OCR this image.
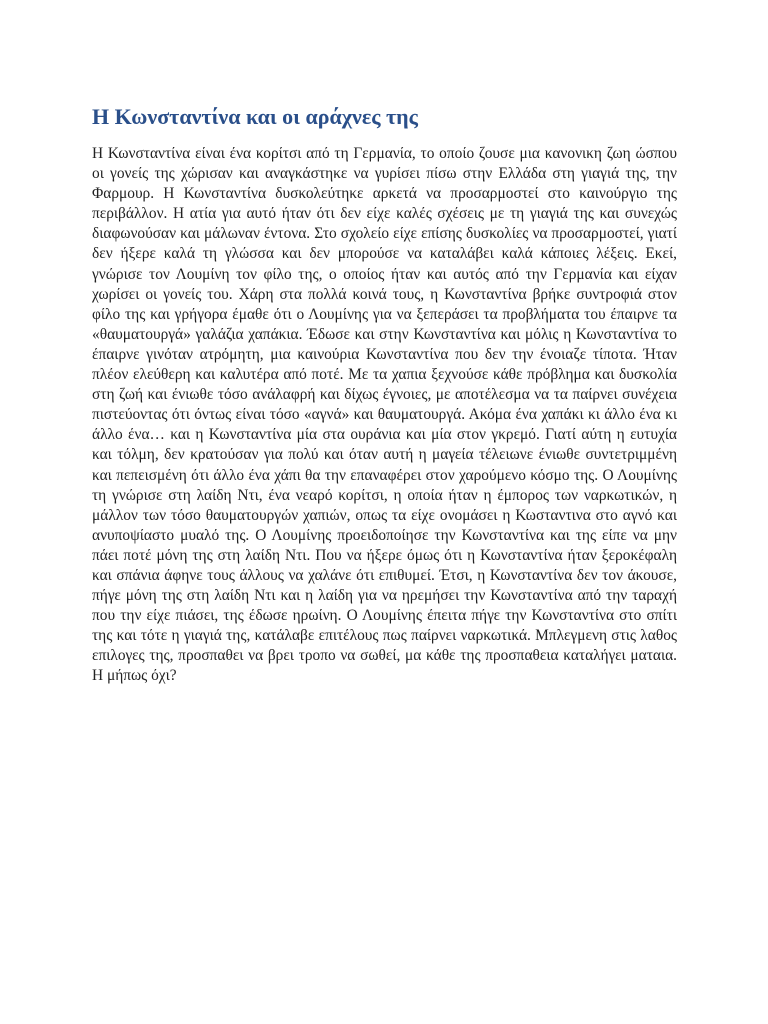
Η Κωνσταντίνα και οι αράχνες της

Η Κωνσταντίνα είναι ένα κορίτσι από τη Γερμανία, το οποίο ζουσε μια κανονικη ζωη ώσπου οι γονείς της χώρισαν και αναγκάστηκε να γυρίσει πίσω στην Ελλάδα στη γιαγιά της, την Φαρμουρ. Η Κωνσταντίνα δυσκολεύτηκε αρκετά να προσαρμοστεί στο καινούργιο της περιβάλλον. Η ατία για αυτό ήταν ότι δεν είχε καλές σχέσεις με τη γιαγιά της και συνεχώς διαφωνούσαν και μάλωναν έντονα. Στο σχολείο είχε επίσης δυσκολίες να προσαρμοστεί, γιατί δεν ήξερε καλά τη γλώσσα και δεν μπορούσε να καταλάβει καλά κάποιες λέξεις. Εκεί, γνώρισε τον Λουμίνη τον φίλο της, ο οποίος ήταν και αυτός από την Γερμανία και είχαν χωρίσει οι γονείς του. Χάρη στα πολλά κοινά τους, η Κωνσταντίνα βρήκε συντροφιά στον φίλο της και γρήγορα έμαθε ότι ο Λουμίνης για να ξεπεράσει τα προβλήματα του έπαιρνε τα «θαυματουργά» γαλάζια χαπάκια. Έδωσε και στην Κωνσταντίνα και μόλις η Κωνσταντίνα το έπαιρνε γινόταν ατρόμητη, μια καινούρια Κωνσταντίνα που δεν την ένοιαζε τίποτα. Ήταν πλέον ελεύθερη και καλυτέρα από ποτέ. Με τα χαπια ξεχνούσε κάθε πρόβλημα και δυσκολία στη ζωή και ένιωθε τόσο ανάλαφρή και δίχως έγνοιες, με αποτέλεσμα να τα παίρνει συνέχεια πιστεύοντας ότι όντως είναι τόσο «αγνά» και θαυματουργά. Ακόμα ένα χαπάκι κι άλλο ένα κι άλλο ένα… και η Κωνσταντίνα μία στα ουράνια και μία στον γκρεμό. Γιατί αύτη η ευτυχία και τόλμη, δεν κρατούσαν για πολύ και όταν αυτή η μαγεία τέλειωνε ένιωθε συντετριμμένη και πεπεισμένη ότι άλλο ένα χάπι θα την επαναφέρει στον χαρούμενο κόσμο της. Ο Λουμίνης τη γνώρισε στη λαίδη Ντι, ένα νεαρό κορίτσι, η οποία ήταν η έμπορος των ναρκωτικών, η μάλλον των τόσο θαυματουργών χαπιών, οπως τα είχε ονομάσει η Κωσταντινα στο αγνό και ανυποψίαστο μυαλό της. Ο Λουμίνης προειδοποίησε την Κωνσταντίνα και της είπε να μην πάει ποτέ μόνη της στη λαίδη Ντι. Που να ήξερε όμως ότι η Κωνσταντίνα ήταν ξεροκέφαλη και σπάνια άφηνε τους άλλους να χαλάνε ότι επιθυμεί. Έτσι, η Κωνσταντίνα δεν τον άκουσε, πήγε μόνη της στη λαίδη Ντι και η λαίδη για να ηρεμήσει την Κωνσταντίνα από την ταραχή που την είχε πιάσει, της έδωσε ηρωίνη. Ο Λουμίνης έπειτα πήγε την Κωνσταντίνα στο σπίτι της και τότε η γιαγιά της, κατάλαβε επιτέλους πως παίρνει ναρκωτικά. Μπλεγμενη στις λαθος επιλογες της, προσπαθει να βρει τροπο να σωθεί, μα κάθε της προσπαθεια καταλήγει ματαια. Η μήπως όχι?
